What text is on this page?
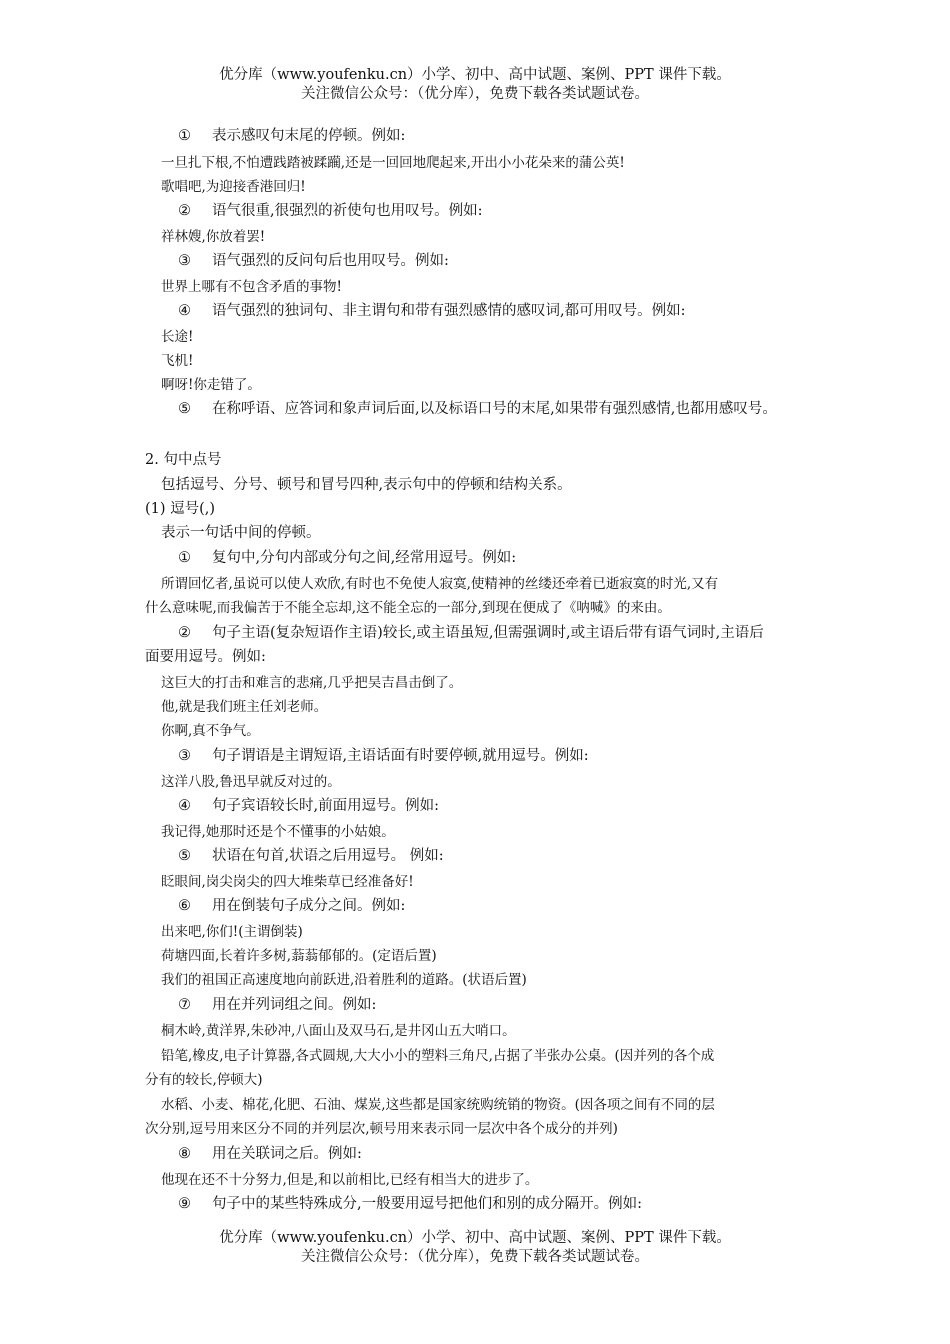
优分库（www.youfenku.cn）小学、初中、高中试题、案例、PPT 课件下载。
关注微信公众号：（优分库），免费下载各类试题试卷。
① 表示感叹句末尾的停顿。例如:
一旦扎下根,不怕遭践踏被蹂躏,还是一回回地爬起来,开出小小花朵来的蒲公英!
歌唱吧,为迎接香港回归!
② 语气很重,很强烈的祈使句也用叹号。例如:
祥林嫂,你放着罢!
③ 语气强烈的反问句后也用叹号。例如:
世界上哪有不包含矛盾的事物!
④ 语气强烈的独词句、非主谓句和带有强烈感情的感叹词,都可用叹号。例如:
长途!
飞机!
啊呀!你走错了。
⑤ 在称呼语、应答词和象声词后面,以及标语口号的末尾,如果带有强烈感情,也都用感叹号。
2. 句中点号
包括逗号、分号、顿号和冒号四种,表示句中的停顿和结构关系。
(1) 逗号(,)
表示一句话中间的停顿。
① 复句中,分句内部或分句之间,经常用逗号。例如:
所谓回忆者,虽说可以使人欢欣,有时也不免使人寂寞,使精神的丝缕还牵着已逝寂寞的时光,又有
什么意味呢,而我偏苦于不能全忘却,这不能全忘的一部分,到现在便成了《呐喊》的来由。
② 句子主语(复杂短语作主语)较长,或主语虽短,但需强调时,或主语后带有语气词时,主语后
面要用逗号。例如:
这巨大的打击和难言的悲痛,几乎把吴吉昌击倒了。
他,就是我们班主任刘老师。
你啊,真不争气。
③ 句子谓语是主谓短语,主语话面有时要停顿,就用逗号。例如:
这洋八股,鲁迅早就反对过的。
④ 句子宾语较长时,前面用逗号。例如:
我记得,她那时还是个不懂事的小姑娘。
⑤ 状语在句首,状语之后用逗号。 例如:
眨眼间,岗尖岗尖的四大堆柴草已经准备好!
⑥ 用在倒装句子成分之间。例如:
出来吧,你们!(主谓倒装)
荷塘四面,长着许多树,蓊蓊郁郁的。(定语后置)
我们的祖国正高速度地向前跃进,沿着胜利的道路。(状语后置)
⑦ 用在并列词组之间。例如:
桐木岭,黄洋界,朱砂冲,八面山及双马石,是井冈山五大哨口。
铅笔,橡皮,电子计算器,各式圆规,大大小小的塑料三角尺,占据了半张办公桌。(因并列的各个成
分有的较长,停顿大)
水稻、小麦、棉花,化肥、石油、煤炭,这些都是国家统购统销的物资。(因各项之间有不同的层
次分别,逗号用来区分不同的并列层次,顿号用来表示同一层次中各个成分的并列)
⑧ 用在关联词之后。例如:
他现在还不十分努力,但是,和以前相比,已经有相当大的进步了。
⑨ 句子中的某些特殊成分,一般要用逗号把他们和别的成分隔开。例如:
优分库（www.youfenku.cn）小学、初中、高中试题、案例、PPT 课件下载。
关注微信公众号：（优分库），免费下载各类试题试卷。
